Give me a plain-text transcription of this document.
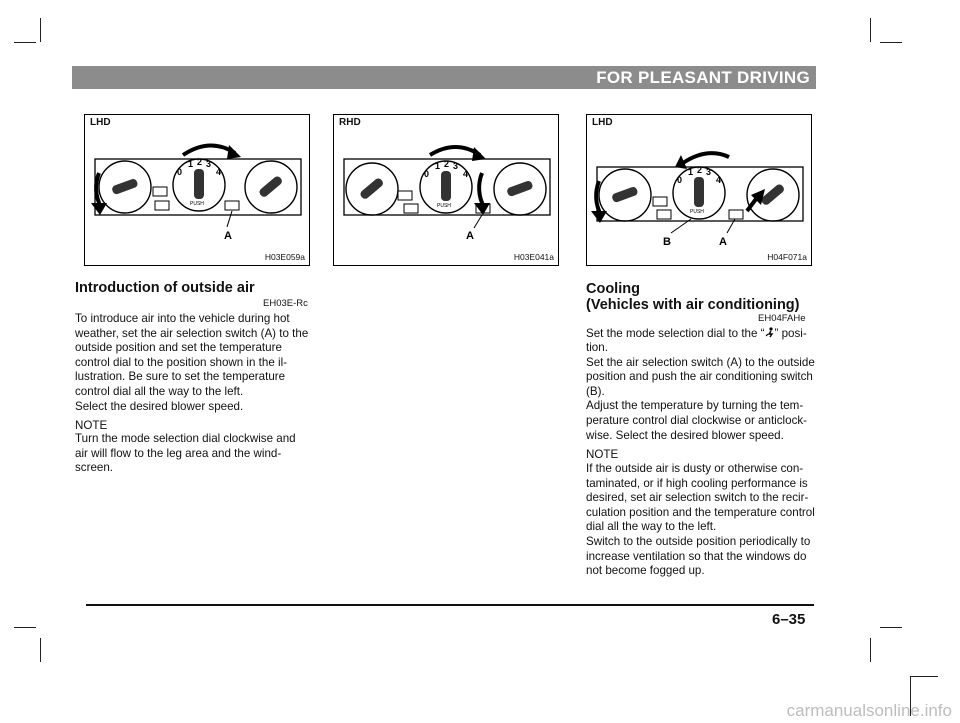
FOR PLEASANT DRIVING
LHD
A
0
1 2 3
4
PUSH
H03E059a
RHD
A
0
1 2 3
4
PUSH
H03E041a
LHD
B	A
0
1 2 3
4
PUSH
H04F071a
Introduction of outside air
EH03E-Rc
To introduce air into the vehicle during hot
weather, set the air selection switch (A) to the
outside position and set the temperature
control dial to the position shown in the il-
lustration. Be sure to set the temperature
control dial all the way to the left.
Select the desired blower speed.
NOTE
Turn the mode selection dial clockwise and
air will flow to the leg area and the wind-
screen.
Cooling
(Vehicles with air conditioning)
EH04FAHe
Set the mode selection dial to the “ ” posi-
tion.
Set the air selection switch (A) to the outside
position and push the air conditioning switch
(B).
Adjust the temperature by turning the tem-
perature control dial clockwise or anticlock-
wise. Select the desired blower speed.
NOTE
If the outside air is dusty or otherwise con-
taminated, or if high cooling performance is
desired, set air selection switch to the recir-
culation position and the temperature control
dial all the way to the left.
Switch to the outside position periodically to
increase ventilation so that the windows do
not become fogged up.
6–35
carmanualsonline.info
